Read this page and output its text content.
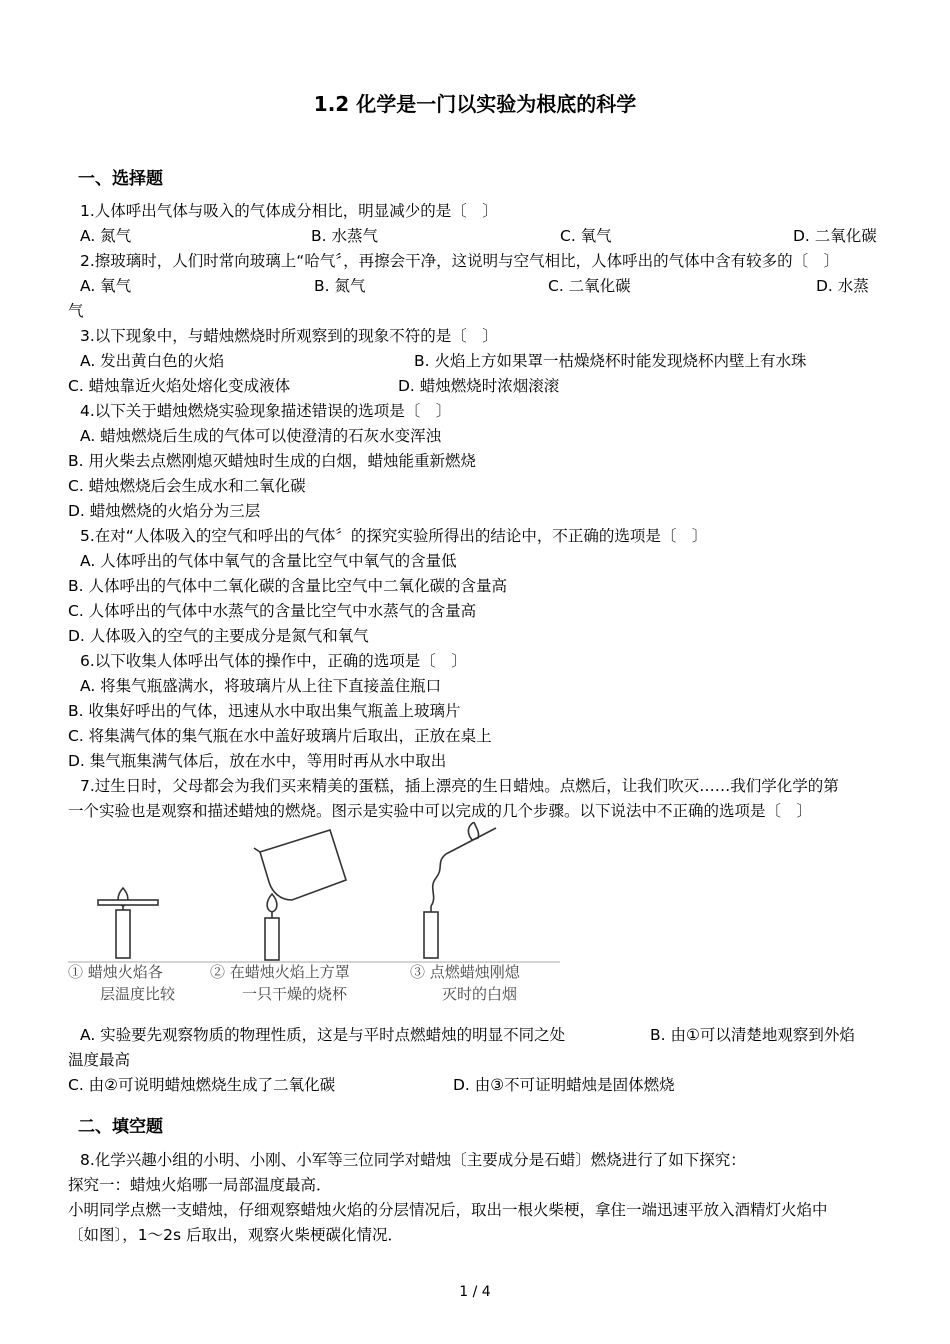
1.2 化学是一门以实验为根底的科学
一、选择题
1.人体呼出气体与吸入的气体成分相比，明显减少的是〔　〕
A. 氮气	B. 水蒸气	C. 氧气	D. 二氧化碳
2.擦玻璃时，人们时常向玻璃上“哈气〞，再擦会干净，这说明与空气相比，人体呼出的气体中含有较多的〔　〕
A. 氧气	B. 氮气	C. 二氧化碳	D. 水蒸
气
3.以下现象中，与蜡烛燃烧时所观察到的现象不符的是〔　〕
A. 发出黄白色的火焰	B. 火焰上方如果罩一枯燥烧杯时能发现烧杯内壁上有水珠
C. 蜡烛靠近火焰处熔化变成液体	D. 蜡烛燃烧时浓烟滚滚
4.以下关于蜡烛燃烧实验现象描述错误的选项是〔　〕
A. 蜡烛燃烧后生成的气体可以使澄清的石灰水变浑浊
B. 用火柴去点燃刚熄灭蜡烛时生成的白烟，蜡烛能重新燃烧
C. 蜡烛燃烧后会生成水和二氧化碳
D. 蜡烛燃烧的火焰分为三层
5.在对“人体吸入的空气和呼出的气体〞的探究实验所得出的结论中，不正确的选项是〔　〕
A. 人体呼出的气体中氧气的含量比空气中氧气的含量低
B. 人体呼出的气体中二氧化碳的含量比空气中二氧化碳的含量高
C. 人体呼出的气体中水蒸气的含量比空气中水蒸气的含量高
D. 人体吸入的空气的主要成分是氮气和氧气
6.以下收集人体呼出气体的操作中，正确的选项是〔　〕
A. 将集气瓶盛满水，将玻璃片从上往下直接盖住瓶口
B. 收集好呼出的气体，迅速从水中取出集气瓶盖上玻璃片
C. 将集满气体的集气瓶在水中盖好玻璃片后取出，正放在桌上
D. 集气瓶集满气体后，放在水中，等用时再从水中取出
7.过生日时，父母都会为我们买来精美的蛋糕，插上漂亮的生日蜡烛。点燃后，让我们吹灭……我们学化学的第
一个实验也是观察和描述蜡烛的燃烧。图示是实验中可以完成的几个步骤。以下说法中不正确的选项是〔　〕
① 蜡烛火焰各
层温度比较
② 在蜡烛火焰上方罩
一只干燥的烧杯
③ 点燃蜡烛刚熄
灭时的白烟
A. 实验要先观察物质的物理性质，这是与平时点燃蜡烛的明显不同之处	B. 由①可以清楚地观察到外焰
温度最高
C. 由②可说明蜡烛燃烧生成了二氧化碳	D. 由③不可证明蜡烛是固体燃烧
二、填空题
8.化学兴趣小组的小明、小刚、小军等三位同学对蜡烛〔主要成分是石蜡〕燃烧进行了如下探究：
探究一：蜡烛火焰哪一局部温度最高．
小明同学点燃一支蜡烛，仔细观察蜡烛火焰的分层情况后，取出一根火柴梗，拿住一端迅速平放入酒精灯火焰中
〔如图〕，1～2s 后取出，观察火柴梗碳化情况．
1 / 4
